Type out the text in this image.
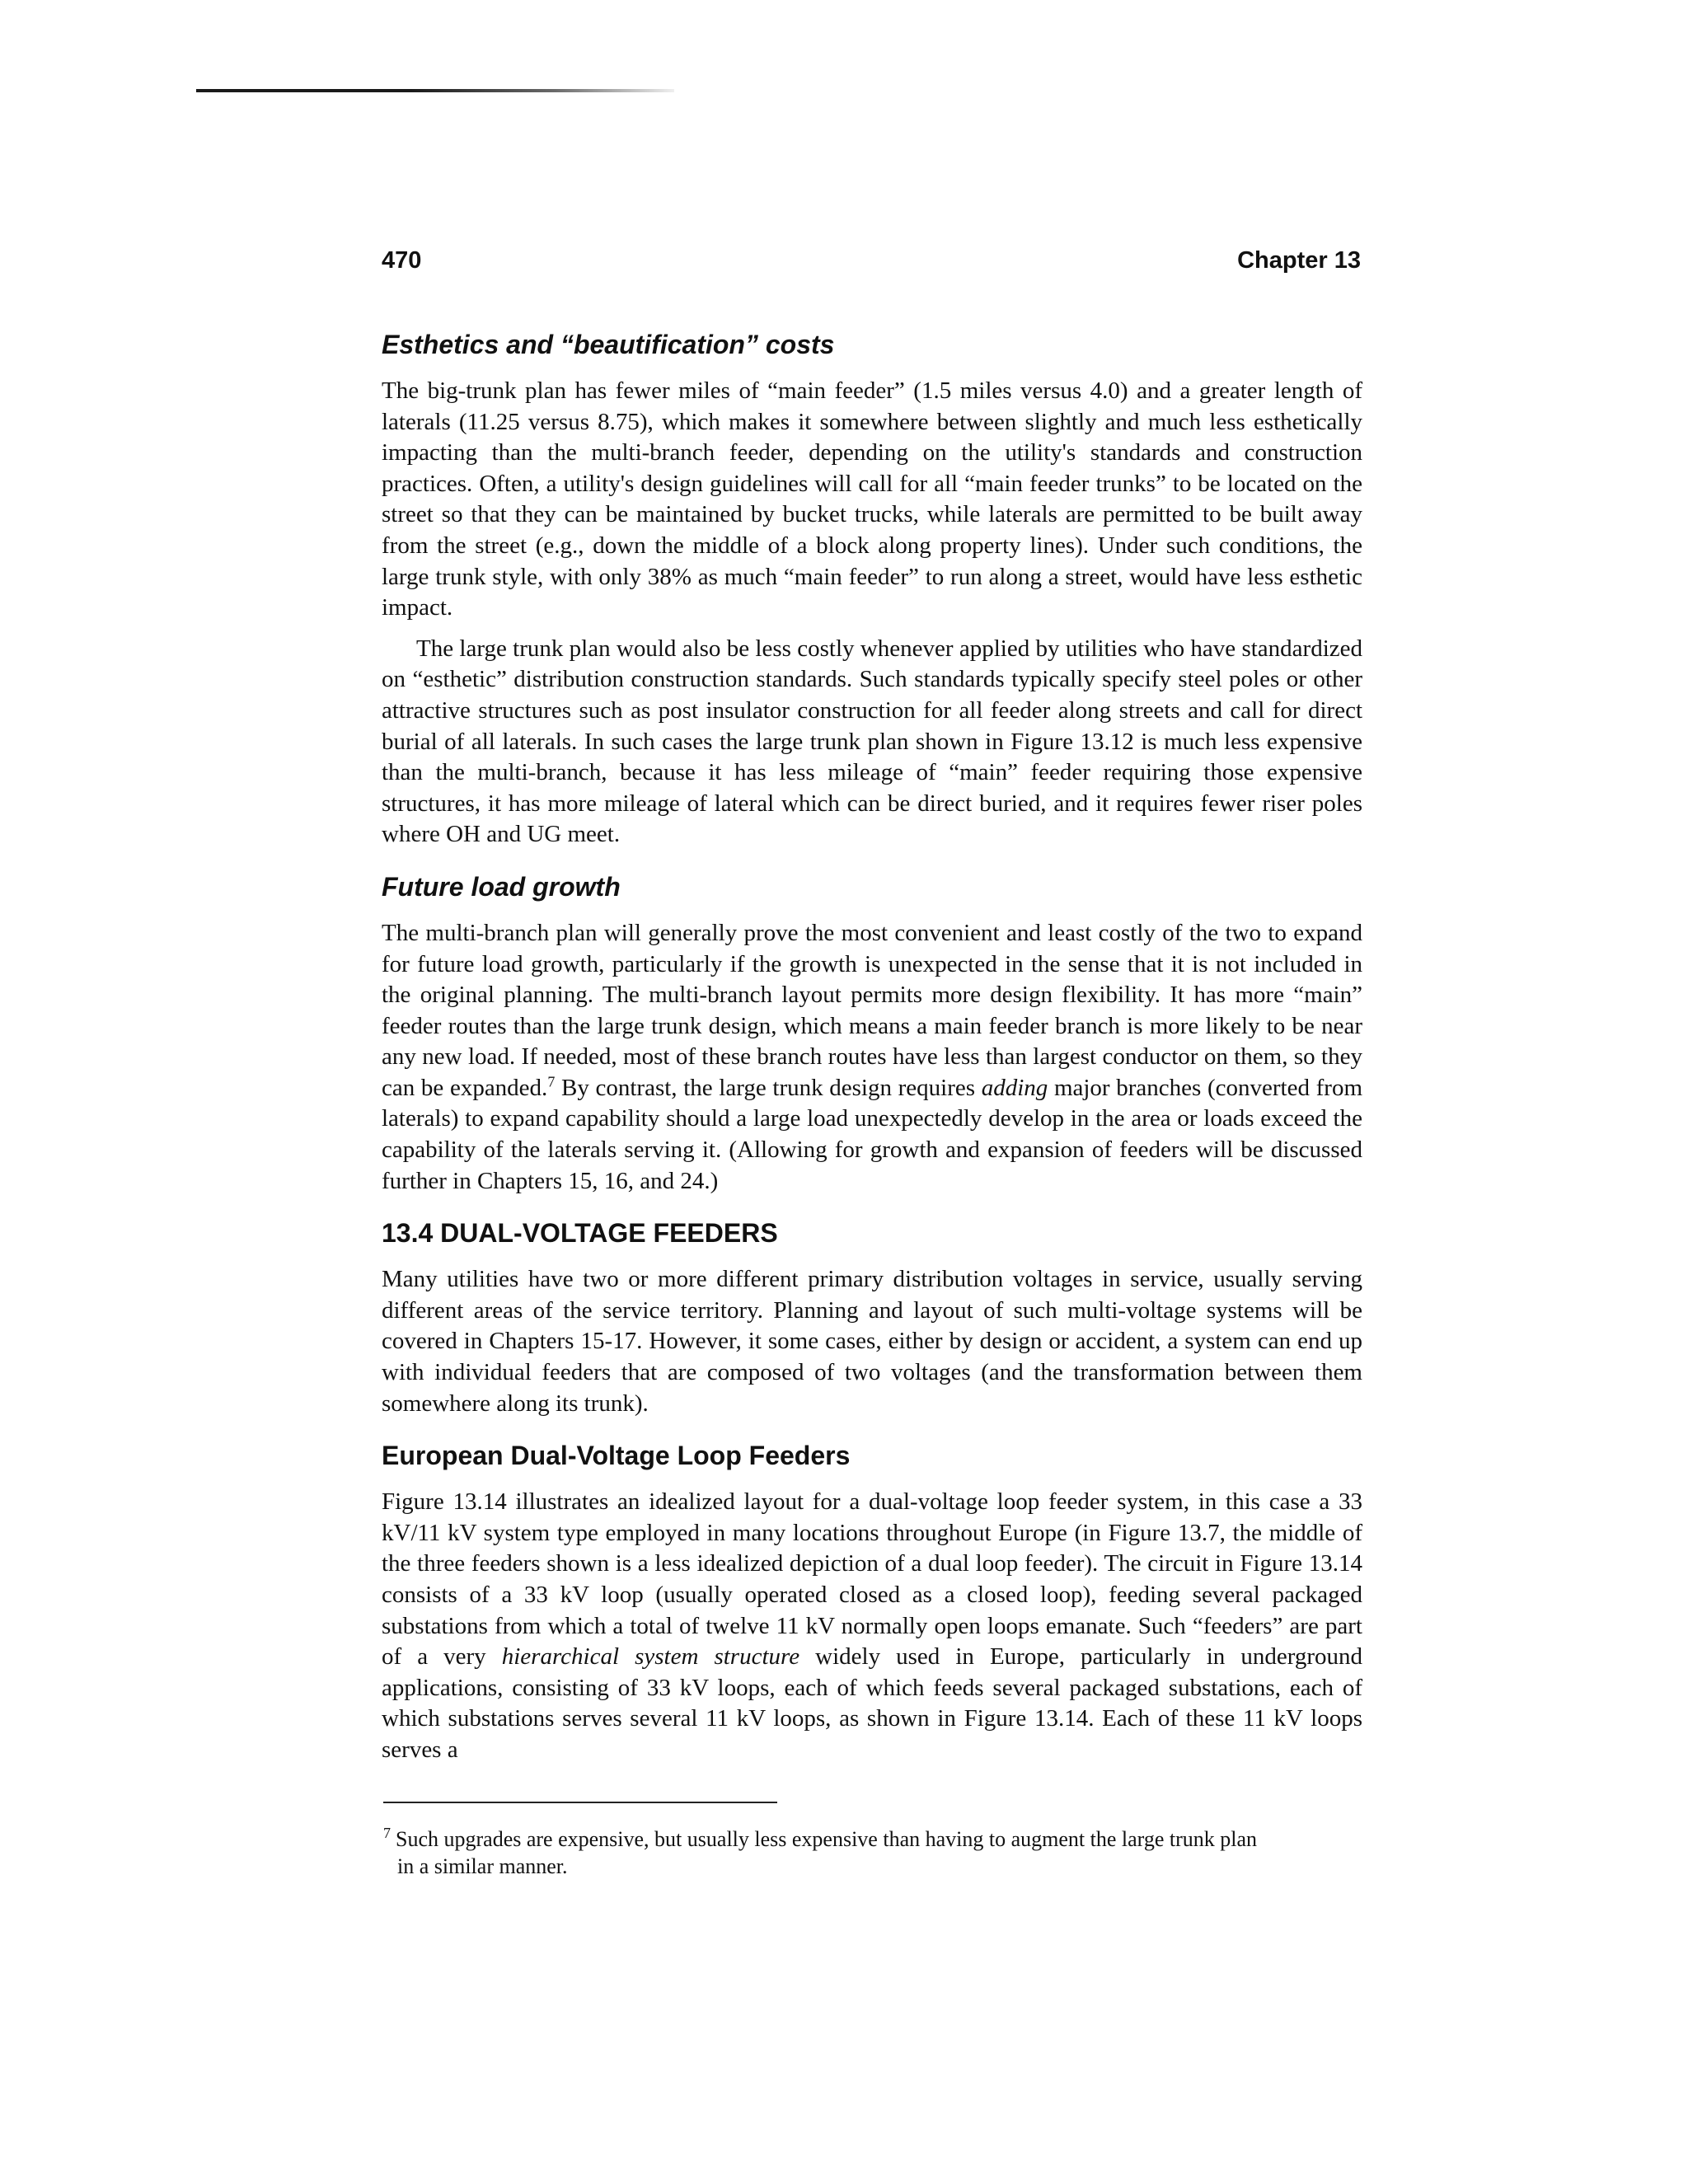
470	Chapter 13
Esthetics and “beautification” costs

The big-trunk plan has fewer miles of “main feeder” (1.5 miles versus 4.0) and a greater length of laterals (11.25 versus 8.75), which makes it somewhere between slightly and much less esthetically impacting than the multi-branch feeder, depending on the utility's standards and construction practices. Often, a utility's design guidelines will call for all “main feeder trunks” to be located on the street so that they can be maintained by bucket trucks, while laterals are permitted to be built away from the street (e.g., down the middle of a block along property lines). Under such conditions, the large trunk style, with only 38% as much “main feeder” to run along a street, would have less esthetic impact.

The large trunk plan would also be less costly whenever applied by utilities who have standardized on “esthetic” distribution construction standards. Such standards typically specify steel poles or other attractive structures such as post insulator construction for all feeder along streets and call for direct burial of all laterals. In such cases the large trunk plan shown in Figure 13.12 is much less expensive than the multi-branch, because it has less mileage of “main” feeder requiring those expensive structures, it has more mileage of lateral which can be direct buried, and it requires fewer riser poles where OH and UG meet.

Future load growth

The multi-branch plan will generally prove the most convenient and least costly of the two to expand for future load growth, particularly if the growth is unexpected in the sense that it is not included in the original planning. The multi-branch layout permits more design flexibility. It has more “main” feeder routes than the large trunk design, which means a main feeder branch is more likely to be near any new load. If needed, most of these branch routes have less than largest conductor on them, so they can be expanded.$^7$ By contrast, the large trunk design requires adding major branches (converted from laterals) to expand capability should a large load unexpectedly develop in the area or loads exceed the capability of the laterals serving it. (Allowing for growth and expansion of feeders will be discussed further in Chapters 15, 16, and 24.)

13.4 DUAL-VOLTAGE FEEDERS

Many utilities have two or more different primary distribution voltages in service, usually serving different areas of the service territory. Planning and layout of such multi-voltage systems will be covered in Chapters 15-17. However, it some cases, either by design or accident, a system can end up with individual feeders that are composed of two voltages (and the transformation between them somewhere along its trunk).

European Dual-Voltage Loop Feeders

Figure 13.14 illustrates an idealized layout for a dual-voltage loop feeder system, in this case a 33 kV/11 kV system type employed in many locations throughout Europe (in Figure 13.7, the middle of the three feeders shown is a less idealized depiction of a dual loop feeder). The circuit in Figure 13.14 consists of a 33 kV loop (usually operated closed as a closed loop), feeding several packaged substations from which a total of twelve 11 kV normally open loops emanate. Such “feeders” are part of a very hierarchical system structure widely used in Europe, particularly in underground applications, consisting of 33 kV loops, each of which feeds several packaged substations, each of which substations serves several 11 kV loops, as shown in Figure 13.14. Each of these 11 kV loops serves a

$^7$ Such upgrades are expensive, but usually less expensive than having to augment the large trunk plan
in a similar manner.
